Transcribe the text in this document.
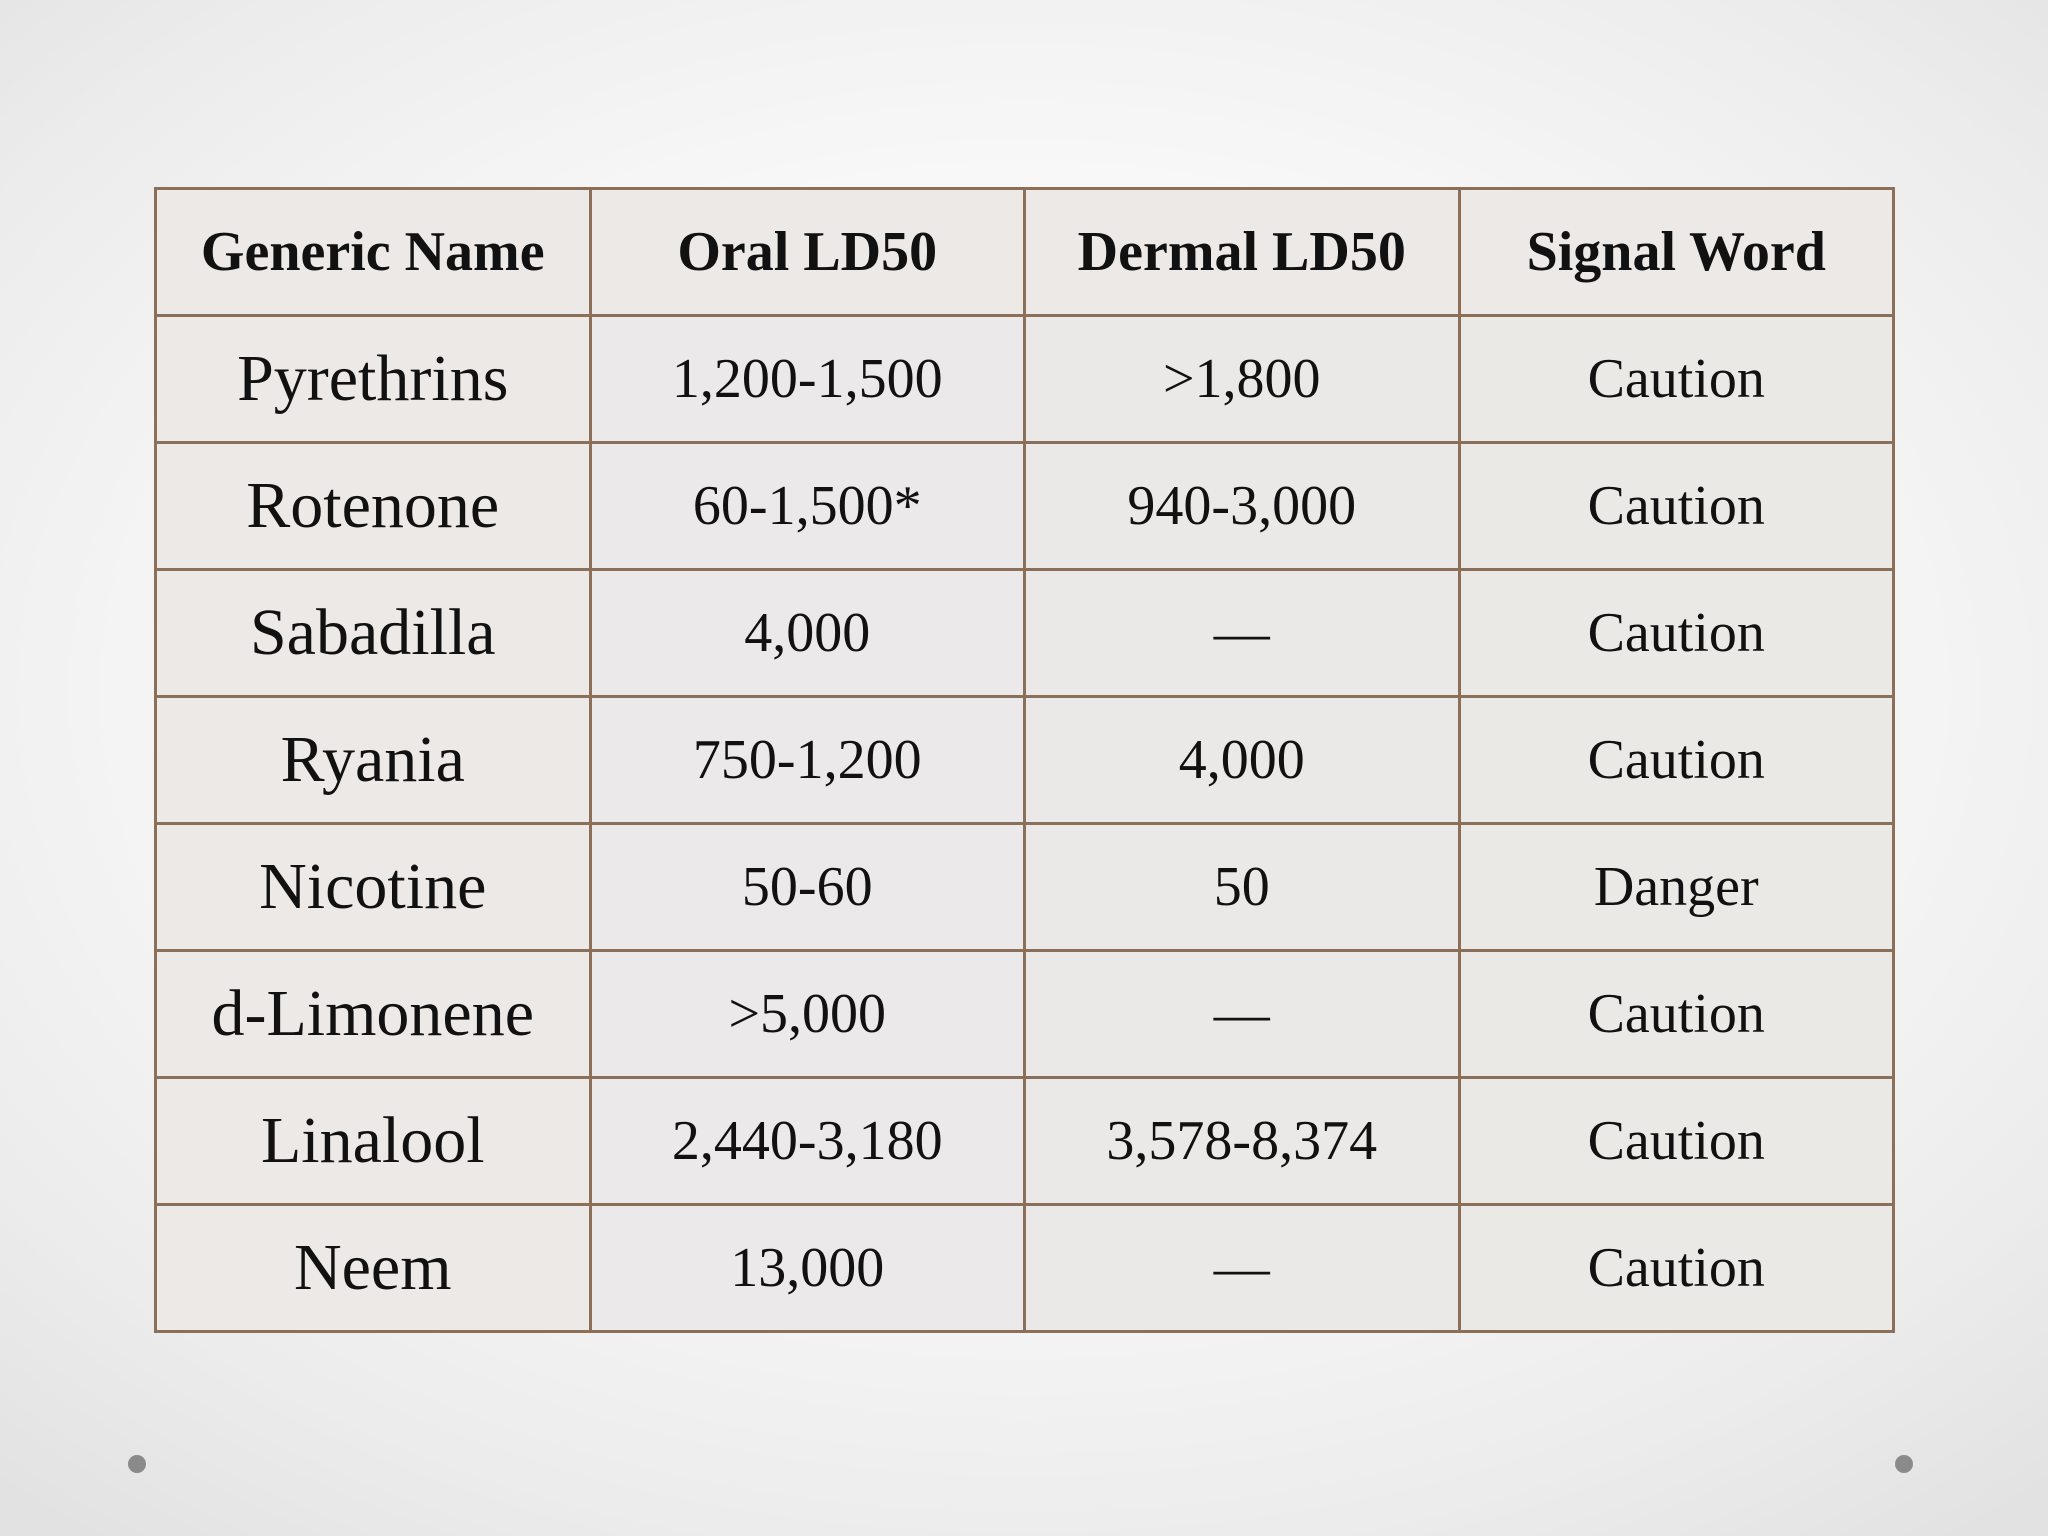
Generic Name	Oral LD50	Dermal LD50	Signal Word
Pyrethrins	1,200-1,500	>1,800	Caution
Rotenone	60-1,500*	940-3,000	Caution
Sabadilla	4,000	—	Caution
Ryania	750-1,200	4,000	Caution
Nicotine	50-60	50	Danger
d-Limonene	>5,000	—	Caution
Linalool	2,440-3,180	3,578-8,374	Caution
Neem	13,000	—	Caution
